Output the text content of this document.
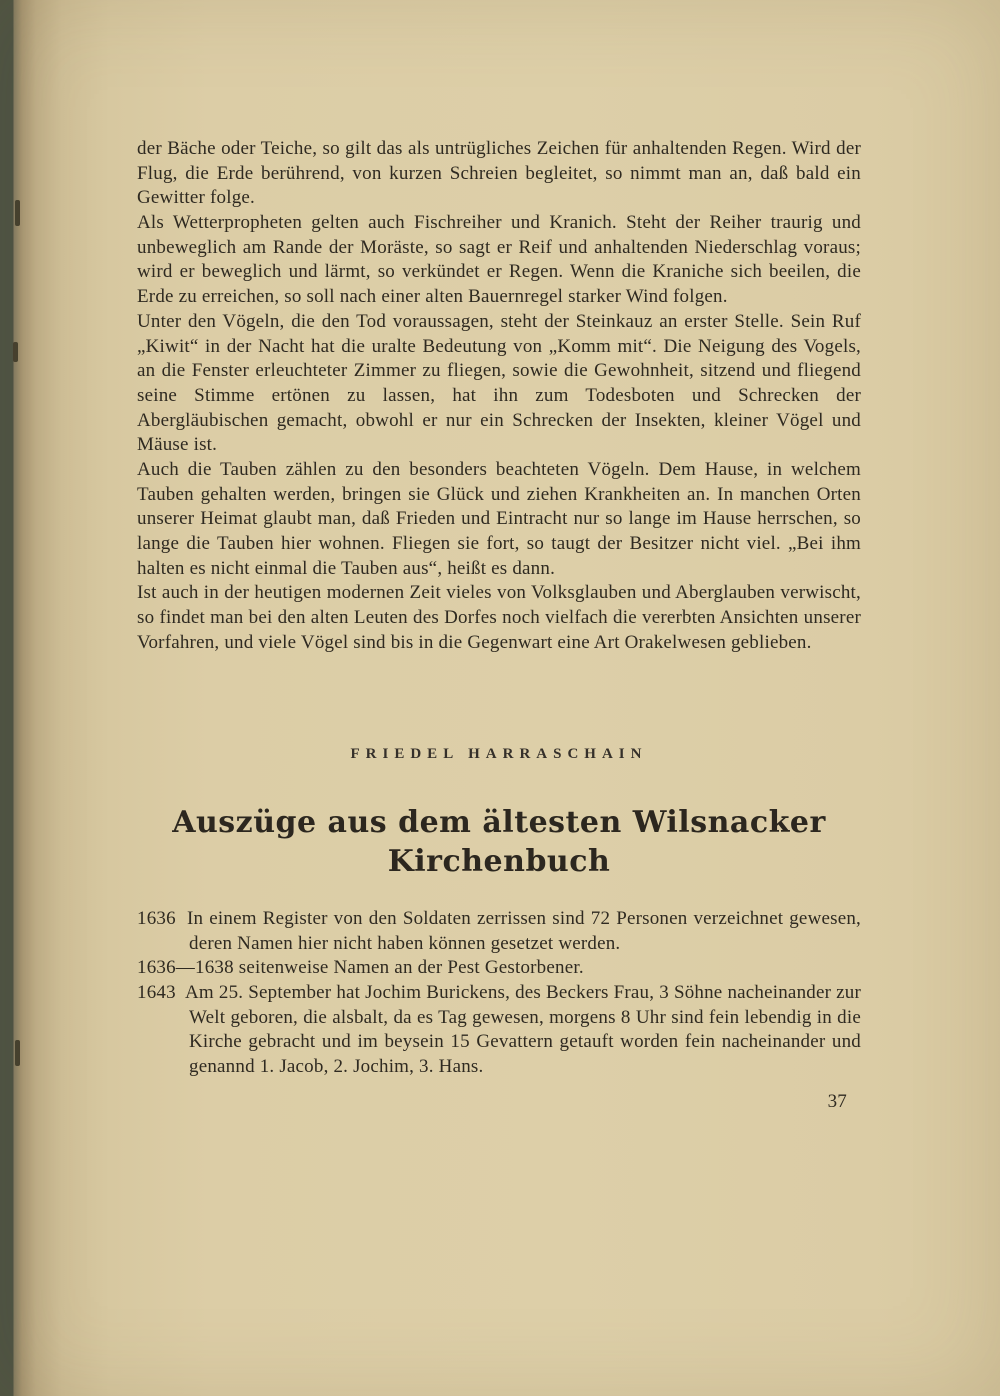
der Bäche oder Teiche, so gilt das als untrügliches Zeichen für anhaltenden Regen. Wird der Flug, die Erde berührend, von kurzen Schreien begleitet, so nimmt man an, daß bald ein Gewitter folge.

Als Wetterpropheten gelten auch Fischreiher und Kranich. Steht der Reiher traurig und unbeweglich am Rande der Moräste, so sagt er Reif und anhaltenden Niederschlag voraus; wird er beweglich und lärmt, so verkündet er Regen. Wenn die Kraniche sich beeilen, die Erde zu erreichen, so soll nach einer alten Bauernregel starker Wind folgen.

Unter den Vögeln, die den Tod voraussagen, steht der Steinkauz an erster Stelle. Sein Ruf „Kiwit“ in der Nacht hat die uralte Bedeutung von „Komm mit“. Die Neigung des Vogels, an die Fenster erleuchteter Zimmer zu fliegen, sowie die Gewohnheit, sitzend und fliegend seine Stimme ertönen zu lassen, hat ihn zum Todesboten und Schrecken der Abergläubischen gemacht, obwohl er nur ein Schrecken der Insekten, kleiner Vögel und Mäuse ist.

Auch die Tauben zählen zu den besonders beachteten Vögeln. Dem Hause, in welchem Tauben gehalten werden, bringen sie Glück und ziehen Krankheiten an. In manchen Orten unserer Heimat glaubt man, daß Frieden und Eintracht nur so lange im Hause herrschen, so lange die Tauben hier wohnen. Fliegen sie fort, so taugt der Besitzer nicht viel. „Bei ihm halten es nicht einmal die Tauben aus“, heißt es dann.

Ist auch in der heutigen modernen Zeit vieles von Volksglauben und Aberglauben verwischt, so findet man bei den alten Leuten des Dorfes noch vielfach die vererbten Ansichten unserer Vorfahren, und viele Vögel sind bis in die Gegenwart eine Art Orakelwesen geblieben.

FRIEDEL HARRASCHAIN
Auszüge aus dem ältesten Wilsnacker Kirchenbuch

1636 In einem Register von den Soldaten zerrissen sind 72 Personen verzeichnet gewesen, deren Namen hier nicht haben können gesetzet werden.

1636—1638 seitenweise Namen an der Pest Gestorbener.

1643 Am 25. September hat Jochim Burickens, des Beckers Frau, 3 Söhne nacheinander zur Welt geboren, die alsbalt, da es Tag gewesen, morgens 8 Uhr sind fein lebendig in die Kirche gebracht und im beysein 15 Gevattern getauft worden fein nacheinander und genannd 1. Jacob, 2. Jochim, 3. Hans.

37
